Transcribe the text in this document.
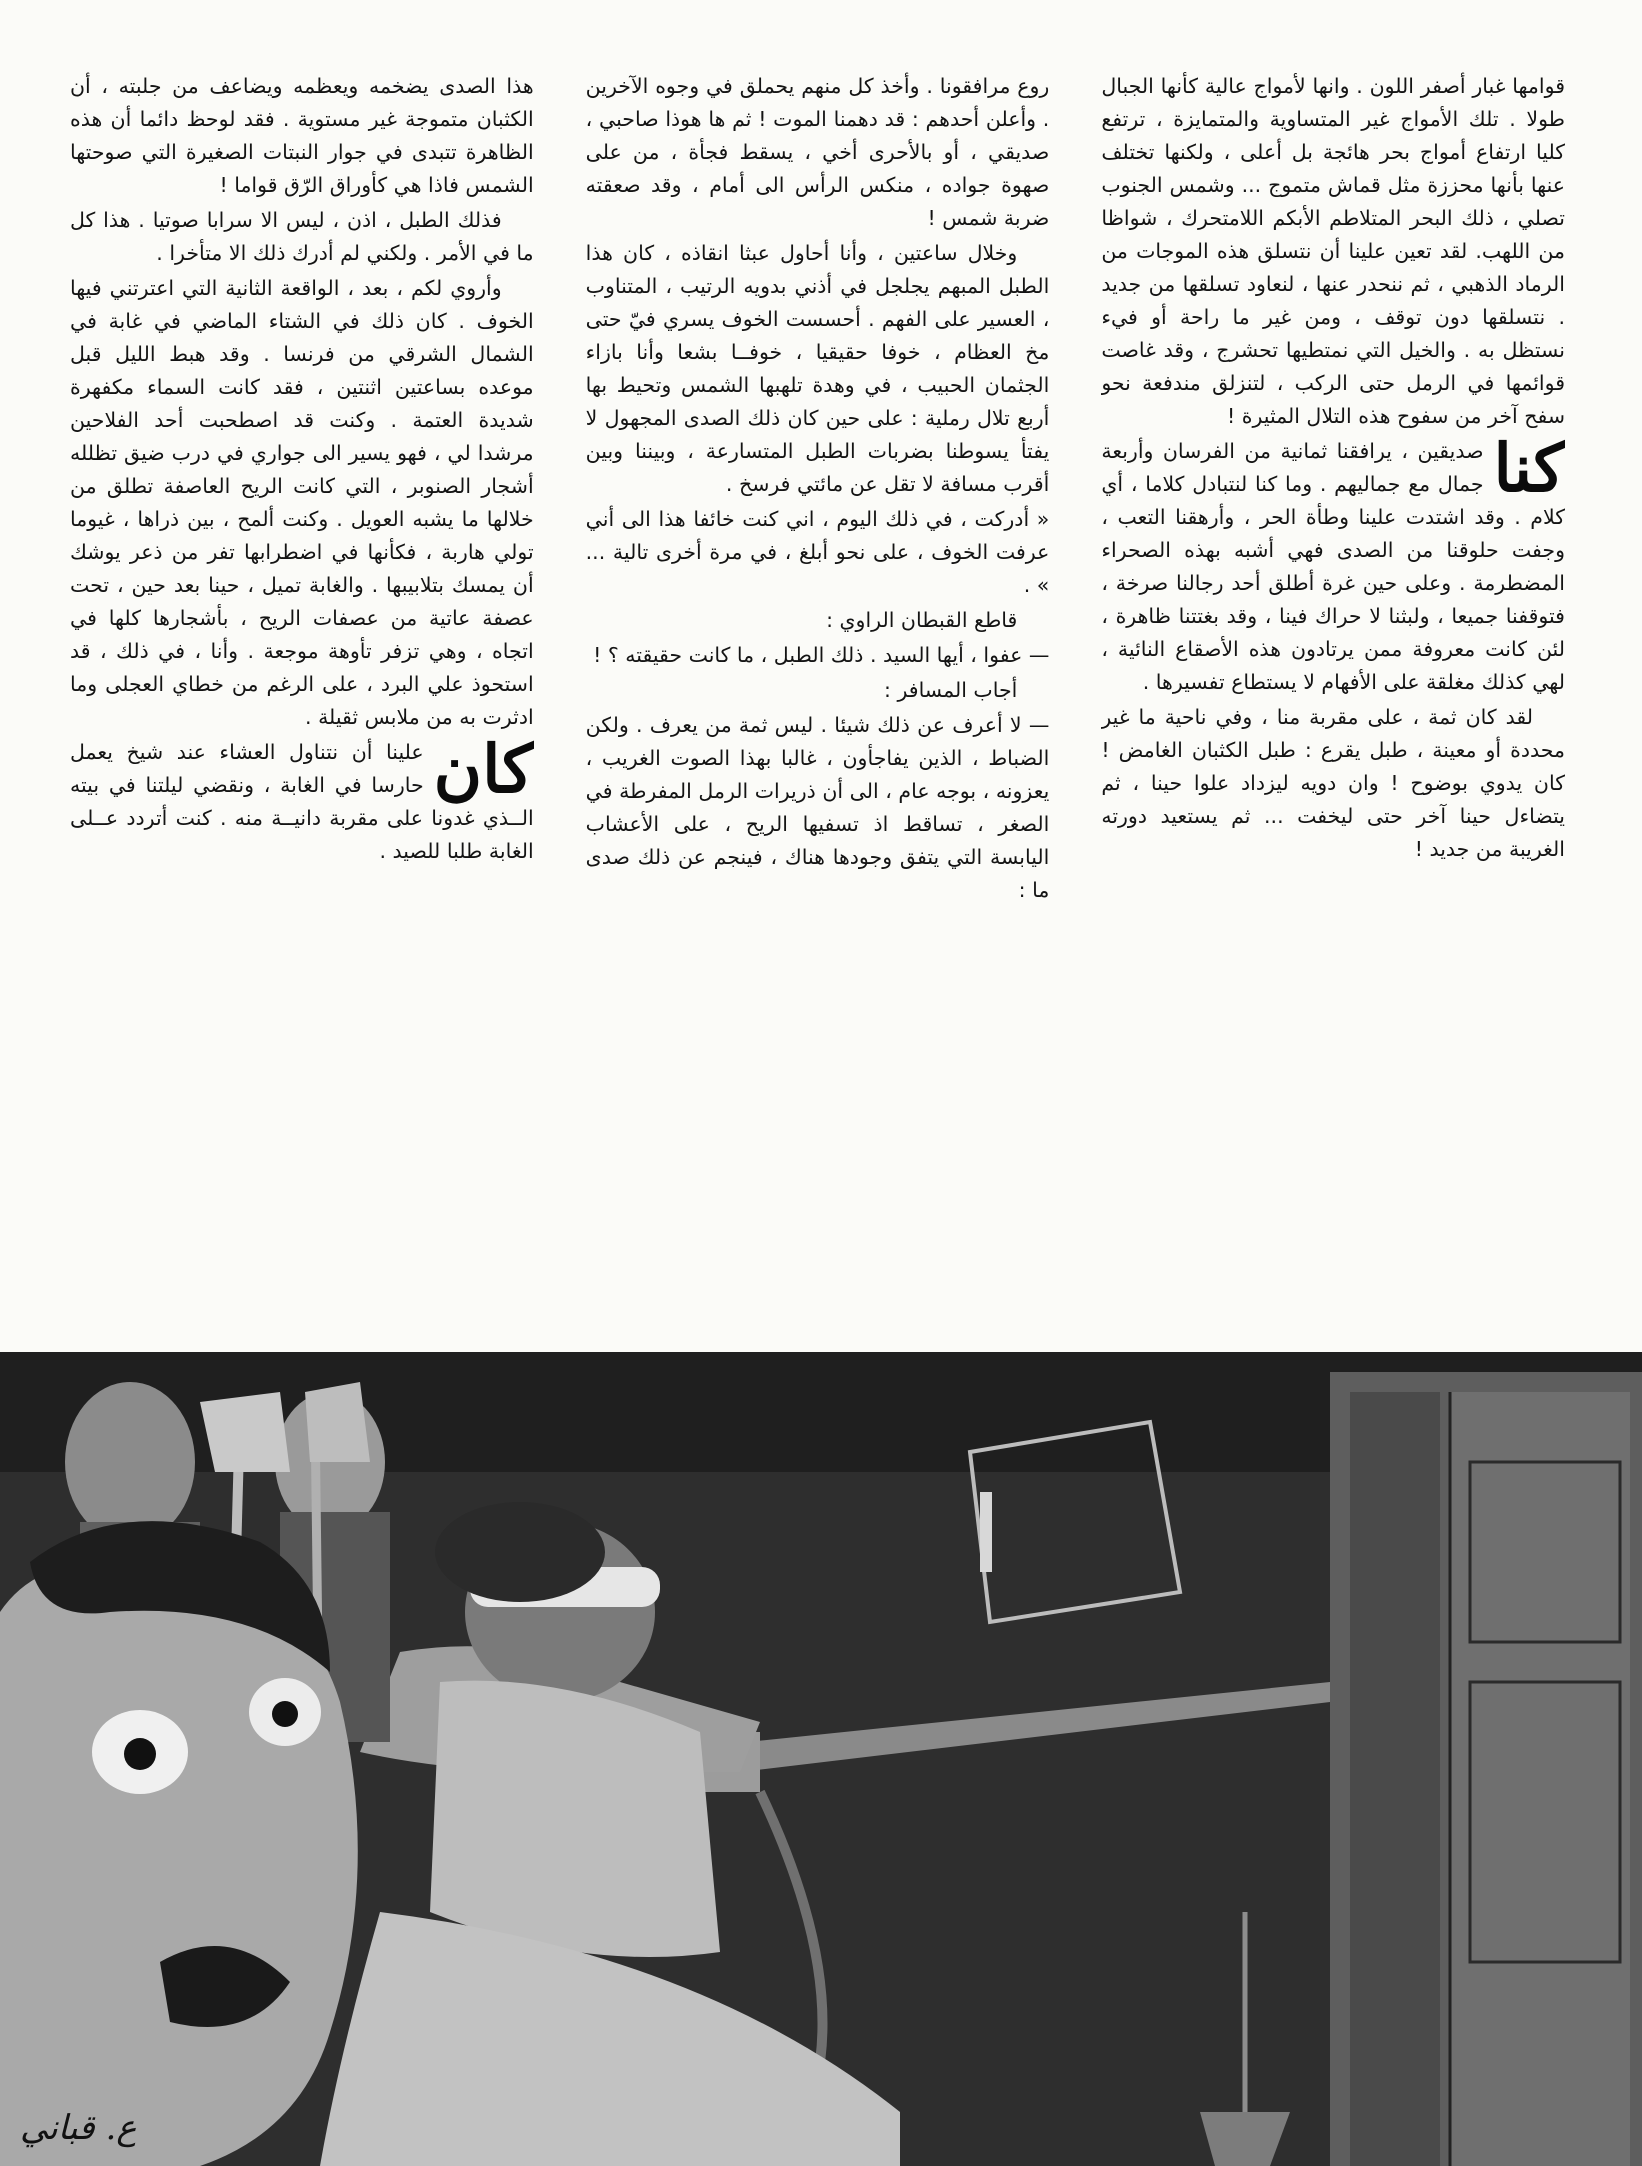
قوامها غبار أصفر اللون . وانها لأمواج عالية كأنها الجبال طولا . تلك الأمواج غير المتساوية والمتمايزة ، ترتفع كليا ارتفاع أمواج بحر هائجة بل أعلى ، ولكنها تختلف عنها بأنها محززة مثل قماش متموج ... وشمس الجنوب تصلي ، ذلك البحر المتلاطم الأبكم اللامتحرك ، شواظا من اللهب. لقد تعين علينا أن نتسلق هذه الموجات من الرماد الذهبي ، ثم ننحدر عنها ، لنعاود تسلقها من جديد . نتسلقها دون توقف ، ومن غير ما راحة أو فيء نستظل به . والخيل التي نمتطيها تحشرج ، وقد غاصت قوائمها في الرمل حتى الركب ، لتنزلق مندفعة نحو سفح آخر من سفوح هذه التلال المثيرة !

كنا
صديقين ، يرافقنا ثمانية من الفرسان وأربعة جمال مع جماليهم . وما كنا لنتبادل كلاما ، أي كلام . وقد اشتدت علينا وطأة الحر ، وأرهقنا التعب ، وجفت حلوقنا من الصدى فهي أشبه بهذه الصحراء المضطرمة . وعلى حين غرة أطلق أحد رجالنا صرخة ، فتوقفنا جميعا ، ولبثنا لا حراك فينا ، وقد بغتتنا ظاهرة ، لئن كانت معروفة ممن يرتادون هذه الأصقاع النائية ، لهي كذلك مغلقة على الأفهام لا يستطاع تفسيرها .

لقد كان ثمة ، على مقربة منا ، وفي ناحية ما غير محددة أو معينة ، طبل يقرع : طبل الكثبان الغامض ! كان يدوي بوضوح ! وان دويه ليزداد علوا حينا ، ثم يتضاءل حينا آخر حتى ليخفت ... ثم يستعيد دورته الغريبة من جديد !

روع مرافقونا . وأخذ كل منهم يحملق في وجوه الآخرين . وأعلن أحدهم : قد دهمنا الموت ! ثم ها هوذا صاحبي ، صديقي ، أو بالأحرى أخي ، يسقط فجأة ، من على صهوة جواده ، منكس الرأس الى أمام ، وقد صعقته ضربة شمس !

وخلال ساعتين ، وأنا أحاول عبثا انقاذه ، كان هذا الطبل المبهم يجلجل في أذني بدويه الرتيب ، المتناوب ، العسير على الفهم . أحسست الخوف يسري فيّ حتى مخ العظام ، خوفا حقيقيا ، خوفــا بشعا وأنا بازاء الجثمان الحبيب ، في وهدة تلهبها الشمس وتحيط بها أربع تلال رملية : على حين كان ذلك الصدى المجهول لا يفتأ يسوطنا بضربات الطبل المتسارعة ، وبيننا وبين أقرب مسافة لا تقل عن مائتي فرسخ .

« أدركت ، في ذلك اليوم ، اني كنت خائفا هذا الى أني عرفت الخوف ، على نحو أبلغ ، في مرة أخرى تالية ... » .

قاطع القبطان الراوي :

— عفوا ، أيها السيد . ذلك الطبل ، ما كانت حقيقته ؟ !

أجاب المسافر :

— لا أعرف عن ذلك شيئا . ليس ثمة من يعرف . ولكن الضباط ، الذين يفاجأون ، غالبا بهذا الصوت الغريب ، يعزونه ، بوجه عام ، الى أن ذريرات الرمل المفرطة في الصغر ، تساقط اذ تسفيها الريح ، على الأعشاب اليابسة التي يتفق وجودها هناك ، فينجم عن ذلك صدى ما :

هذا الصدى يضخمه ويعظمه ويضاعف من جلبته ، أن الكثبان متموجة غير مستوية . فقد لوحظ دائما أن هذه الظاهرة تتبدى في جوار النبتات الصغيرة التي صوحتها الشمس فاذا هي كأوراق الرّق قواما !

فذلك الطبل ، اذن ، ليس الا سرابا صوتيا . هذا كل ما في الأمر . ولكني لم أدرك ذلك الا متأخرا .

وأروي لكم ، بعد ، الواقعة الثانية التي اعترتني فيها الخوف . كان ذلك في الشتاء الماضي في غابة في الشمال الشرقي من فرنسا . وقد هبط الليل قبل موعده بساعتين اثنتين ، فقد كانت السماء مكفهرة شديدة العتمة . وكنت قد اصطحبت أحد الفلاحين مرشدا لي ، فهو يسير الى جواري في درب ضيق تظلله أشجار الصنوبر ، التي كانت الريح العاصفة تطلق من خلالها ما يشبه العويل . وكنت ألمح ، بين ذراها ، غيوما تولي هاربة ، فكأنها في اضطرابها تفر من ذعر يوشك أن يمسك بتلابيبها . والغابة تميل ، حينا بعد حين ، تحت عصفة عاتية من عصفات الريح ، بأشجارها كلها في اتجاه ، وهي تزفر تأوهة موجعة . وأنا ، في ذلك ، قد استحوذ علي البرد ، على الرغم من خطاي العجلى وما ادثرت به من ملابس ثقيلة .

كان
علينا أن نتناول العشاء عند شيخ يعمل حارسا في الغابة ، ونقضي ليلتنا في بيته الــذي غدونا على مقربة دانيــة منه . كنت أتردد عــلى الغابة طلبا للصيد .

ع. قباني
